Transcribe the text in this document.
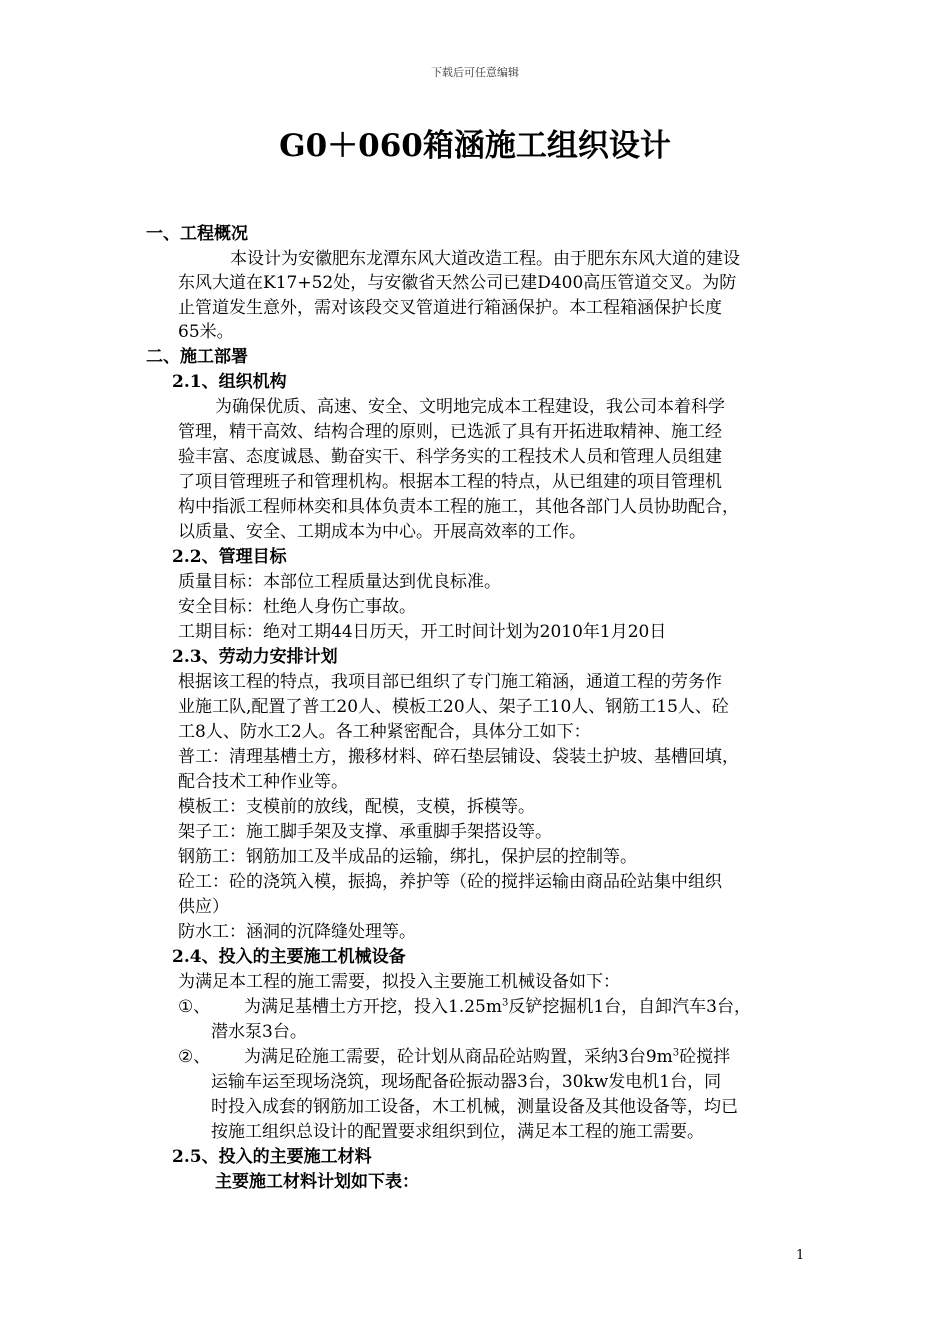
下载后可任意编辑
G0＋060箱涵施工组织设计
一、工程概况
本设计为安徽肥东龙潭东风大道改造工程。由于肥东东风大道的建设
东风大道在K17+52处，与安徽省天然公司已建D400高压管道交叉。为防
止管道发生意外，需对该段交叉管道进行箱涵保护。本工程箱涵保护长度
65米。
二、施工部署
2.1、组织机构
为确保优质、高速、安全、文明地完成本工程建设，我公司本着科学
管理，精干高效、结构合理的原则，已选派了具有开拓进取精神、施工经
验丰富、态度诚恳、勤奋实干、科学务实的工程技术人员和管理人员组建
了项目管理班子和管理机构。根据本工程的特点，从已组建的项目管理机
构中指派工程师林奕和具体负责本工程的施工，其他各部门人员协助配合，
以质量、安全、工期成本为中心。开展高效率的工作。
2.2、管理目标
质量目标：本部位工程质量达到优良标准。
安全目标：杜绝人身伤亡事故。
工期目标：绝对工期44日历天，开工时间计划为2010年1月20日
2.3、劳动力安排计划
根据该工程的特点，我项目部已组织了专门施工箱涵，通道工程的劳务作
业施工队,配置了普工20人、模板工20人、架子工10人、钢筋工15人、砼
工8人、防水工2人。各工种紧密配合，具体分工如下：
普工：清理基槽土方，搬移材料、碎石垫层铺设、袋装土护坡、基槽回填，
配合技术工种作业等。
模板工：支模前的放线，配模，支模，拆模等。
架子工：施工脚手架及支撑、承重脚手架搭设等。
钢筋工：钢筋加工及半成品的运输，绑扎，保护层的控制等。
砼工：砼的浇筑入模，振捣，养护等（砼的搅拌运输由商品砼站集中组织
供应）
防水工：涵洞的沉降缝处理等。
2.4、投入的主要施工机械设备
为满足本工程的施工需要，拟投入主要施工机械设备如下：
①、 为满足基槽土方开挖，投入$1.25m^3$反铲挖掘机1台，自卸汽车3台，
潜水泵3台。
②、 为满足砼施工需要，砼计划从商品砼站购置，采纳3台$9m^3$砼搅拌
运输车运至现场浇筑，现场配备砼振动器3台，30kw发电机1台，同
时投入成套的钢筋加工设备，木工机械，测量设备及其他设备等，均已
按施工组织总设计的配置要求组织到位，满足本工程的施工需要。
2.5、投入的主要施工材料
主要施工材料计划如下表：
1
